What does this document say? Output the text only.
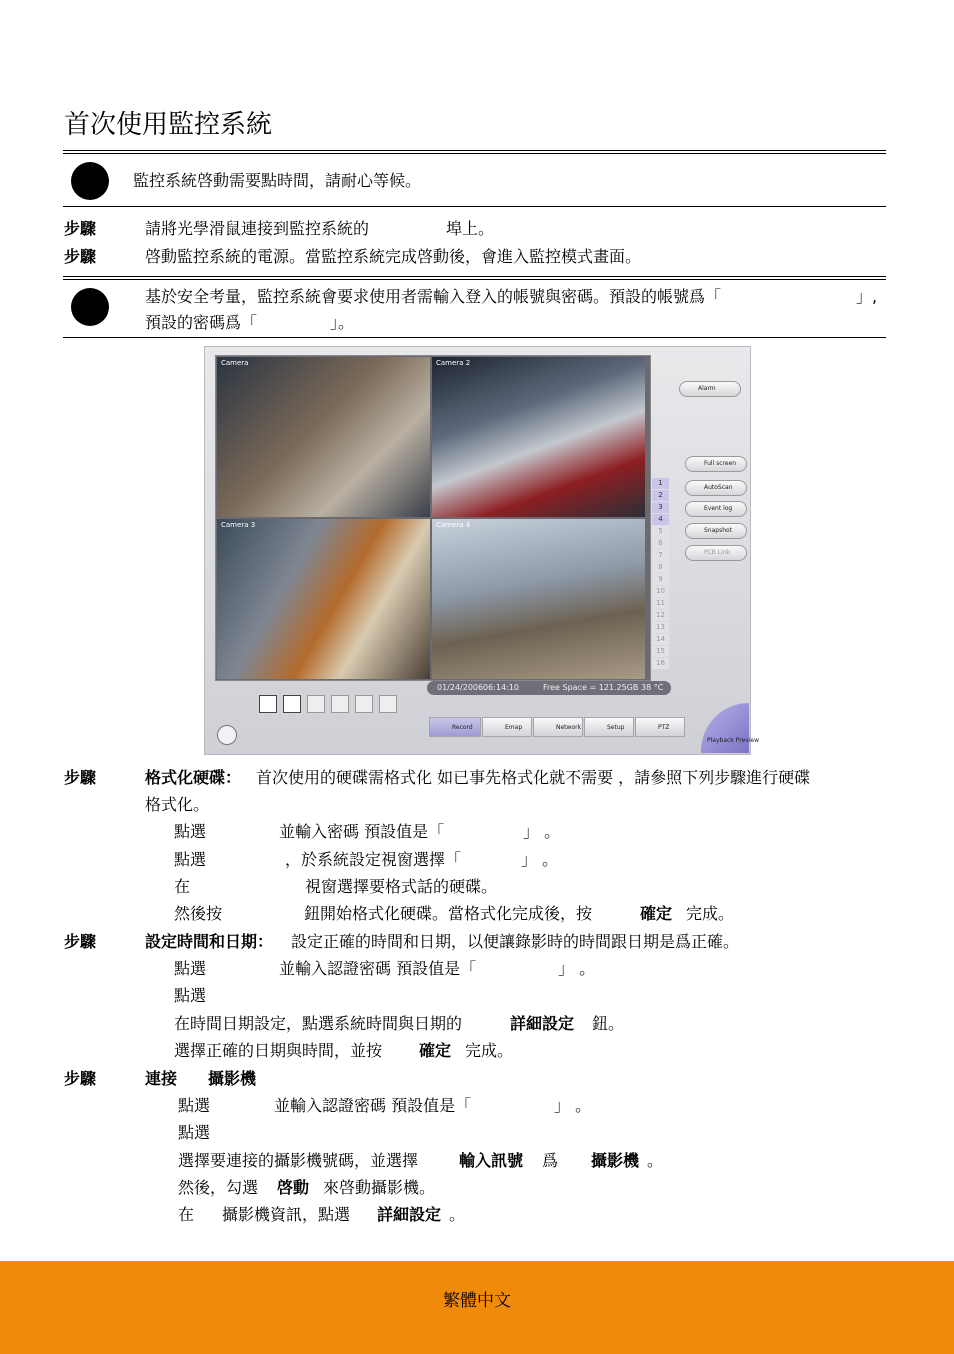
首次使用監控系統
監控系統啓動需要點時間，請耐心等候。
步驟	請將光學滑鼠連接到監控系統的	埠上。
步驟	啓動監控系統的電源。當監控系統完成啓動後，會進入監控模式畫面。
基於安全考量，監控系統會要求使用者需輸入登入的帳號與密碼。預設的帳號爲「	」,
預設的密碼爲「	」。
Camera	Camera 2
Camera 3	Camera 4
1
2
3
4
5
6
7
8
9
10
11
12
13
14
15
16
Alarm
Full screen
AutoScan
Event log
Snapshot
PCB Link
01/24/2006 06:14:10	Free Space = 121.25GB 38 °C
Record	Emap	Network	Setup	PTZ
Playback Preview
步驟	格式化硬碟： 首次使用的硬碟需格式化 如已事先格式化就不需要 ，請參照下列步驟進行硬碟
格式化。
點選	並輸入密碼 預設值是「	」 。
點選	，於系統設定視窗選擇「	」 。
在	視窗選擇要格式話的硬碟。
然後按	鈕開始格式化硬碟。當格式化完成後，按	確定 完成。
步驟	設定時間和日期： 設定正確的時間和日期，以便讓錄影時的時間跟日期是爲正確。
點選	並輸入認證密碼 預設值是「	」 。
點選
在時間日期設定，點選系統時間與日期的	詳細設定 鈕。
選擇正確的日期與時間，並按 確定 完成。
步驟	連接 攝影機
點選	並輸入認證密碼 預設值是「	」 。
點選
選擇要連接的攝影機號碼，並選擇	輸入訊號 爲 攝影機 。
然後，勾選 啓動 來啓動攝影機。
在 攝影機資訊，點選 詳細設定 。
繁體中文
